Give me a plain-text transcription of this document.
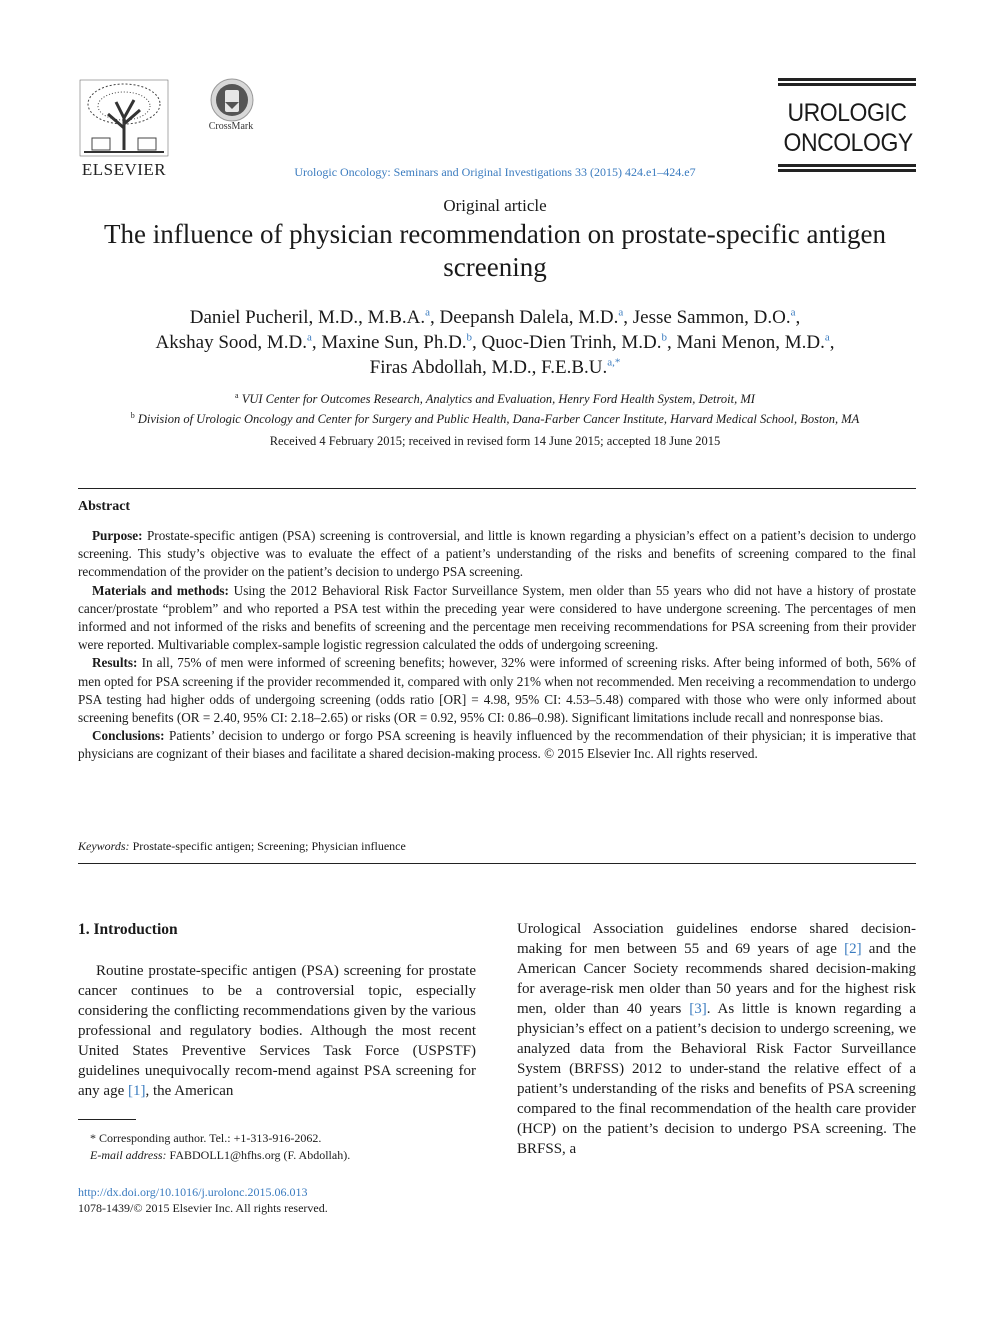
ELSEVIER
CrossMark
Urologic Oncology: Seminars and Original Investigations 33 (2015) 424.e1–424.e7
UROLOGIC
ONCOLOGY
Original article
The influence of physician recommendation on prostate-specific antigen screening
Daniel Pucheril, M.D., M.B.A.$^a$, Deepansh Dalela, M.D.$^a$, Jesse Sammon, D.O.$^a$,
Akshay Sood, M.D.$^a$, Maxine Sun, Ph.D.$^b$, Quoc-Dien Trinh, M.D.$^b$, Mani Menon, M.D.$^a$,
Firas Abdollah, M.D., F.E.B.U.$^{a,*}$
$^a$ VUI Center for Outcomes Research, Analytics and Evaluation, Henry Ford Health System, Detroit, MI
$^b$ Division of Urologic Oncology and Center for Surgery and Public Health, Dana-Farber Cancer Institute, Harvard Medical School, Boston, MA
Received 4 February 2015; received in revised form 14 June 2015; accepted 18 June 2015
Abstract

Purpose: Prostate-specific antigen (PSA) screening is controversial, and little is known regarding a physician’s effect on a patient’s decision to undergo screening. This study’s objective was to evaluate the effect of a patient’s understanding of the risks and benefits of screening compared to the final recommendation of the provider on the patient’s decision to undergo PSA screening.

Materials and methods: Using the 2012 Behavioral Risk Factor Surveillance System, men older than 55 years who did not have a history of prostate cancer/prostate “problem” and who reported a PSA test within the preceding year were considered to have undergone screening. The percentages of men informed and not informed of the risks and benefits of screening and the percentage men receiving recommendations for PSA screening from their provider were reported. Multivariable complex-sample logistic regression calculated the odds of undergoing screening.

Results: In all, 75% of men were informed of screening benefits; however, 32% were informed of screening risks. After being informed of both, 56% of men opted for PSA screening if the provider recommended it, compared with only 21% when not recommended. Men receiving a recommendation to undergo PSA testing had higher odds of undergoing screening (odds ratio [OR] = 4.98, 95% CI: 4.53–5.48) compared with those who were only informed about screening benefits (OR = 2.40, 95% CI: 2.18–2.65) or risks (OR = 0.92, 95% CI: 0.86–0.98). Significant limitations include recall and nonresponse bias.

Conclusions: Patients’ decision to undergo or forgo PSA screening is heavily influenced by the recommendation of their physician; it is imperative that physicians are cognizant of their biases and facilitate a shared decision-making process. © 2015 Elsevier Inc. All rights reserved.

Keywords: Prostate-specific antigen; Screening; Physician influence
1. Introduction

Routine prostate-specific antigen (PSA) screening for prostate cancer continues to be a controversial topic, especially considering the conflicting recommendations given by the various professional and regulatory bodies. Although the most recent United States Preventive Services Task Force (USPSTF) guidelines unequivocally recom-mend against PSA screening for any age [1], the American

Urological Association guidelines endorse shared decision-making for men between 55 and 69 years of age [2] and the American Cancer Society recommends shared decision-making for average-risk men older than 50 years and for the highest risk men, older than 40 years [3]. As little is known regarding a physician’s effect on a patient’s decision to undergo screening, we analyzed data from the Behavioral Risk Factor Surveillance System (BRFSS) 2012 to under-stand the relative effect of a patient’s understanding of the risks and benefits of PSA screening compared to the final recommendation of the health care provider (HCP) on the patient’s decision to undergo PSA screening. The BRFSS, a

* Corresponding author. Tel.: +1-313-916-2062.
E-mail address: FABDOLL1@hfhs.org (F. Abdollah).
http://dx.doi.org/10.1016/j.urolonc.2015.06.013
1078-1439/© 2015 Elsevier Inc. All rights reserved.
